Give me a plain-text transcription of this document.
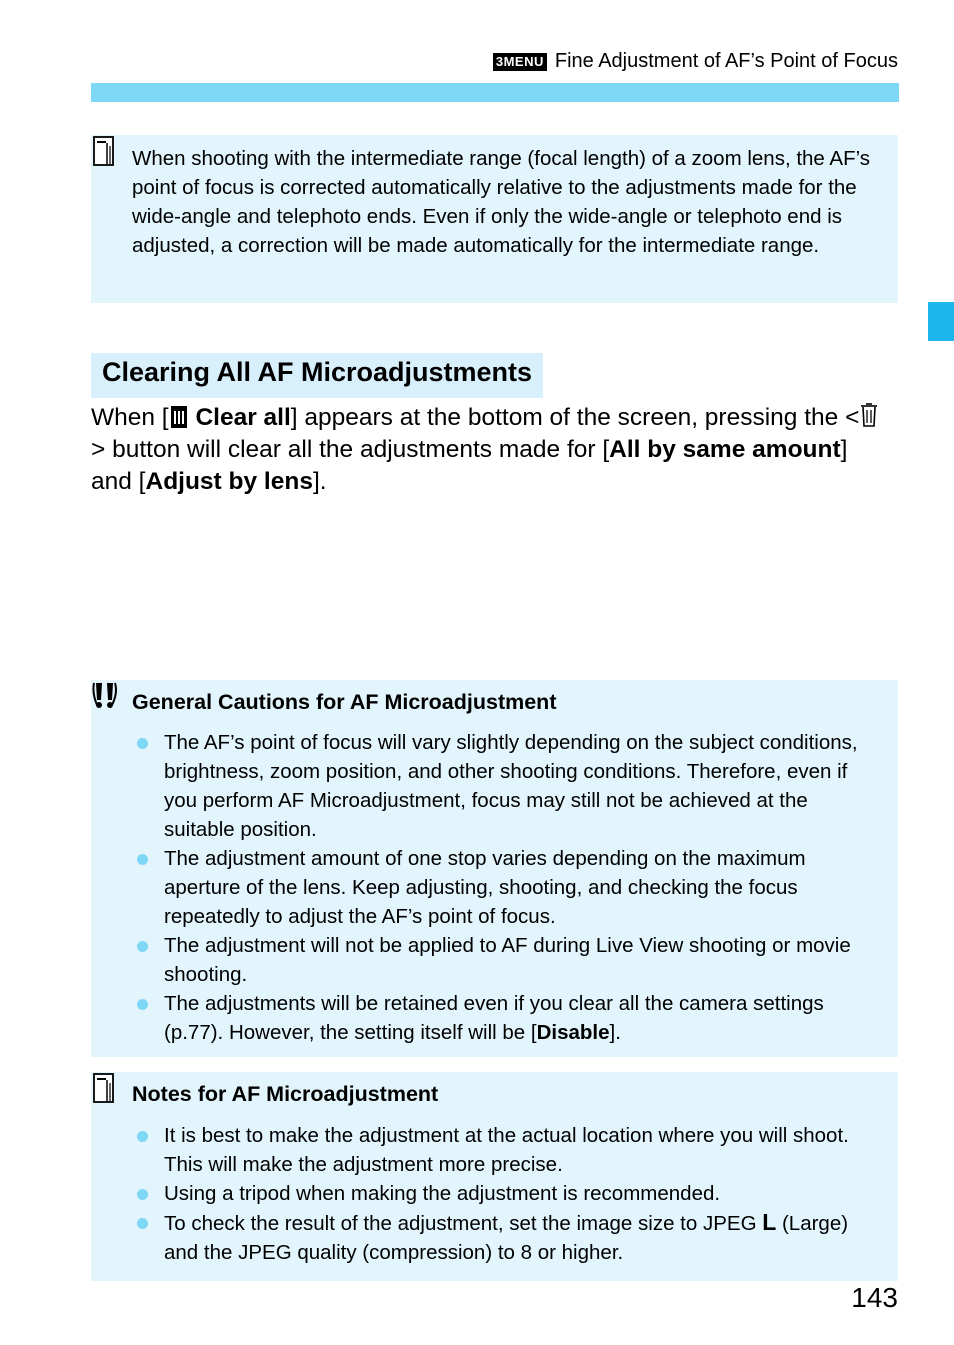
3MENU Fine Adjustment of AF’s Point of Focus

When shooting with the intermediate range (focal length) of a zoom lens, the AF’s point of focus is corrected automatically relative to the adjustments made for the wide-angle and telephoto ends. Even if only the wide-angle or telephoto end is adjusted, a correction will be made automatically for the intermediate range.

Clearing All AF Microadjustments

When [ Clear all] appears at the bottom of the screen, pressing the <> button will clear all the adjustments made for [All by same amount] and [Adjust by lens].

General Cautions for AF Microadjustment

The AF’s point of focus will vary slightly depending on the subject conditions, brightness, zoom position, and other shooting conditions. Therefore, even if you perform AF Microadjustment, focus may still not be achieved at the suitable position.
The adjustment amount of one stop varies depending on the maximum aperture of the lens. Keep adjusting, shooting, and checking the focus repeatedly to adjust the AF’s point of focus.
The adjustment will not be applied to AF during Live View shooting or movie shooting.
The adjustments will be retained even if you clear all the camera settings (p.77). However, the setting itself will be [Disable].

Notes for AF Microadjustment

It is best to make the adjustment at the actual location where you will shoot. This will make the adjustment more precise.
Using a tripod when making the adjustment is recommended.
To check the result of the adjustment, set the image size to JPEG L (Large) and the JPEG quality (compression) to 8 or higher.
143
